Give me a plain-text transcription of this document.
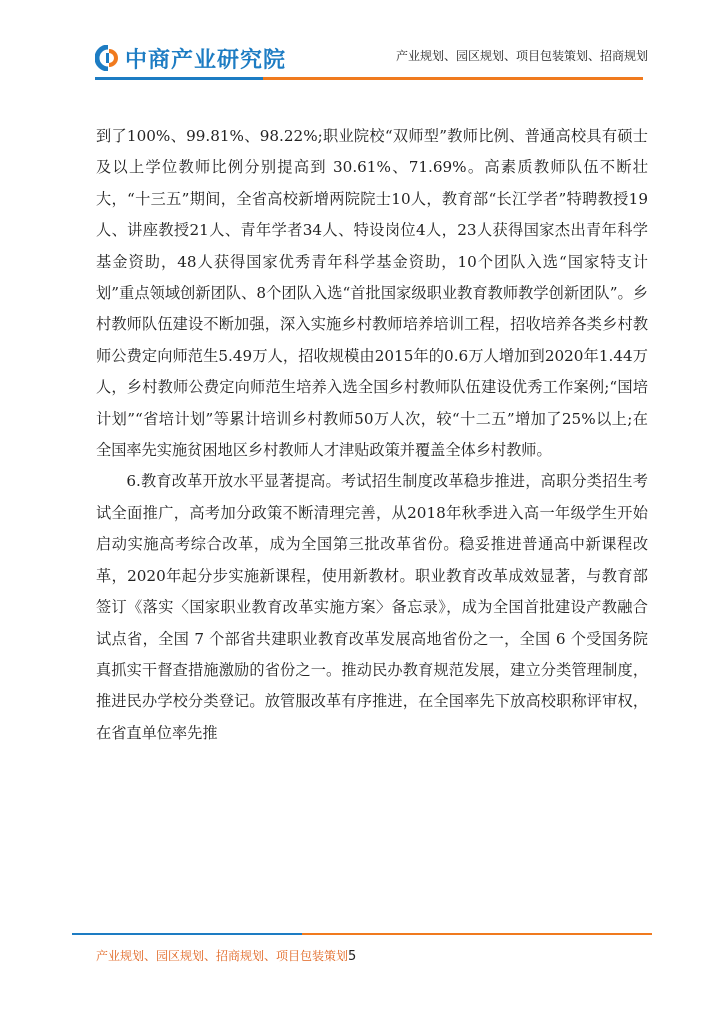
中商产业研究院	产业规划、园区规划、项目包装策划、招商规划

到了100%、99.81%、98.22%;职业院校“双师型”教师比例、普通高校具有硕士及以上学位教师比例分别提高到 30.61%、71.69%。高素质教师队伍不断壮大，“十三五”期间，全省高校新增两院院士10人，教育部“长江学者”特聘教授19人、讲座教授21人、青年学者34人、特设岗位4人，23人获得国家杰出青年科学基金资助，48人获得国家优秀青年科学基金资助，10个团队入选“国家特支计划”重点领域创新团队、8个团队入选“首批国家级职业教育教师教学创新团队”。乡村教师队伍建设不断加强，深入实施乡村教师培养培训工程，招收培养各类乡村教师公费定向师范生5.49万人，招收规模由2015年的0.6万人增加到2020年1.44万人，乡村教师公费定向师范生培养入选全国乡村教师队伍建设优秀工作案例;“国培计划”“省培计划”等累计培训乡村教师50万人次，较“十二五”增加了25%以上;在全国率先实施贫困地区乡村教师人才津贴政策并覆盖全体乡村教师。

6.教育改革开放水平显著提高。考试招生制度改革稳步推进，高职分类招生考试全面推广，高考加分政策不断清理完善，从2018年秋季进入高一年级学生开始启动实施高考综合改革，成为全国第三批改革省份。稳妥推进普通高中新课程改革，2020年起分步实施新课程，使用新教材。职业教育改革成效显著，与教育部签订《落实〈国家职业教育改革实施方案〉备忘录》，成为全国首批建设产教融合试点省，全国 7 个部省共建职业教育改革发展高地省份之一，全国 6 个受国务院真抓实干督查措施激励的省份之一。推动民办教育规范发展，建立分类管理制度，推进民办学校分类登记。放管服改革有序推进，在全国率先下放高校职称评审权，在省直单位率先推

产业规划、园区规划、招商规划、项目包装策划5
